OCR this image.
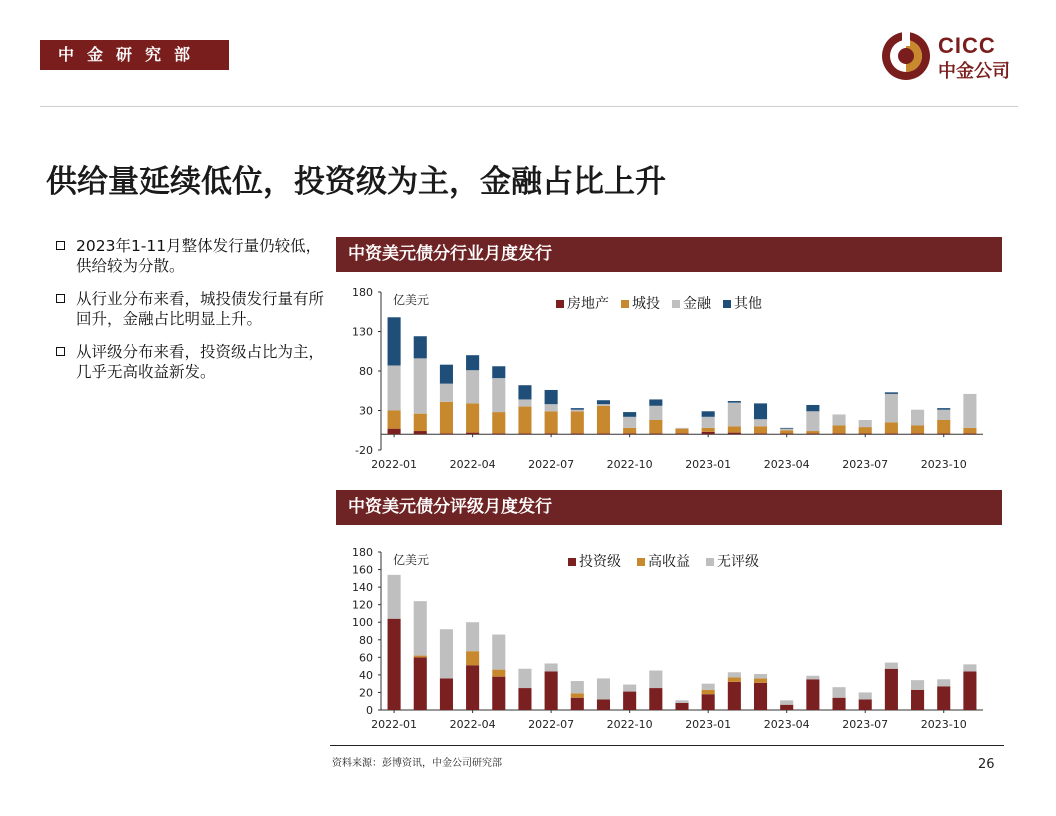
中金研究部	CICC
中金公司
供给量延续低位，投资级为主，金融占比上升
2023年1-11月整体发行量仍较低，供给较为分散。
从行业分布来看，城投债发行量有所回升，金融占比明显上升。
从评级分布来看，投资级占比为主，几乎无高收益新发。
中资美元债分行业月度发行
-20
30
80
130
180
亿美元
2022-01	2022-04	2022-07	2022-10	2023-01	2023-04	2023-07	2023-10
房地产 城投 金融 其他
中资美元债分评级月度发行
0
20
40
60
80
100
120
140
160
180
亿美元
2022-01	2022-04	2022-07	2022-10	2023-01	2023-04	2023-07	2023-10
投资级 高收益 无评级
资料来源：彭博资讯，中金公司研究部	26
